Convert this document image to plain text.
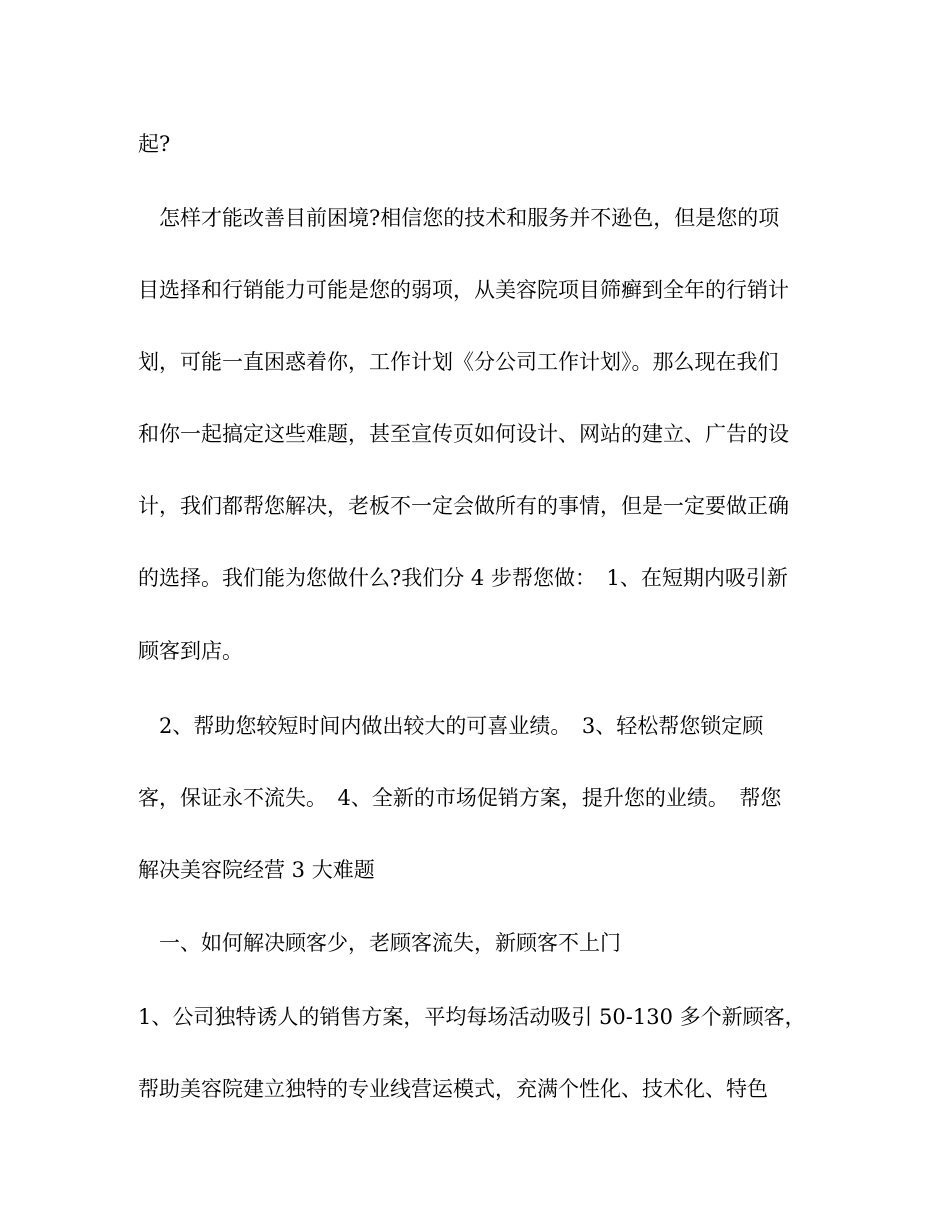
起?
　怎样才能改善目前困境?相信您的技术和服务并不逊色，但是您的项
目选择和行销能力可能是您的弱项，从美容院项目筛癣到全年的行销计
划，可能一直困惑着你，工作计划《分公司工作计划》。那么现在我们
和你一起搞定这些难题，甚至宣传页如何设计、网站的建立、广告的设
计，我们都帮您解决，老板不一定会做所有的事情，但是一定要做正确
的选择。我们能为您做什么?我们分 4 步帮您做：　1、在短期内吸引新
顾客到店。
　2、帮助您较短时间内做出较大的可喜业绩。　3、轻松帮您锁定顾
客，保证永不流失。　4、全新的市场促销方案，提升您的业绩。　帮您
解决美容院经营 3 大难题
　一、如何解决顾客少，老顾客流失，新顾客不上门
1、公司独特诱人的销售方案，平均每场活动吸引 50-130 多个新顾客，
帮助美容院建立独特的专业线营运模式，充满个性化、技术化、特色
